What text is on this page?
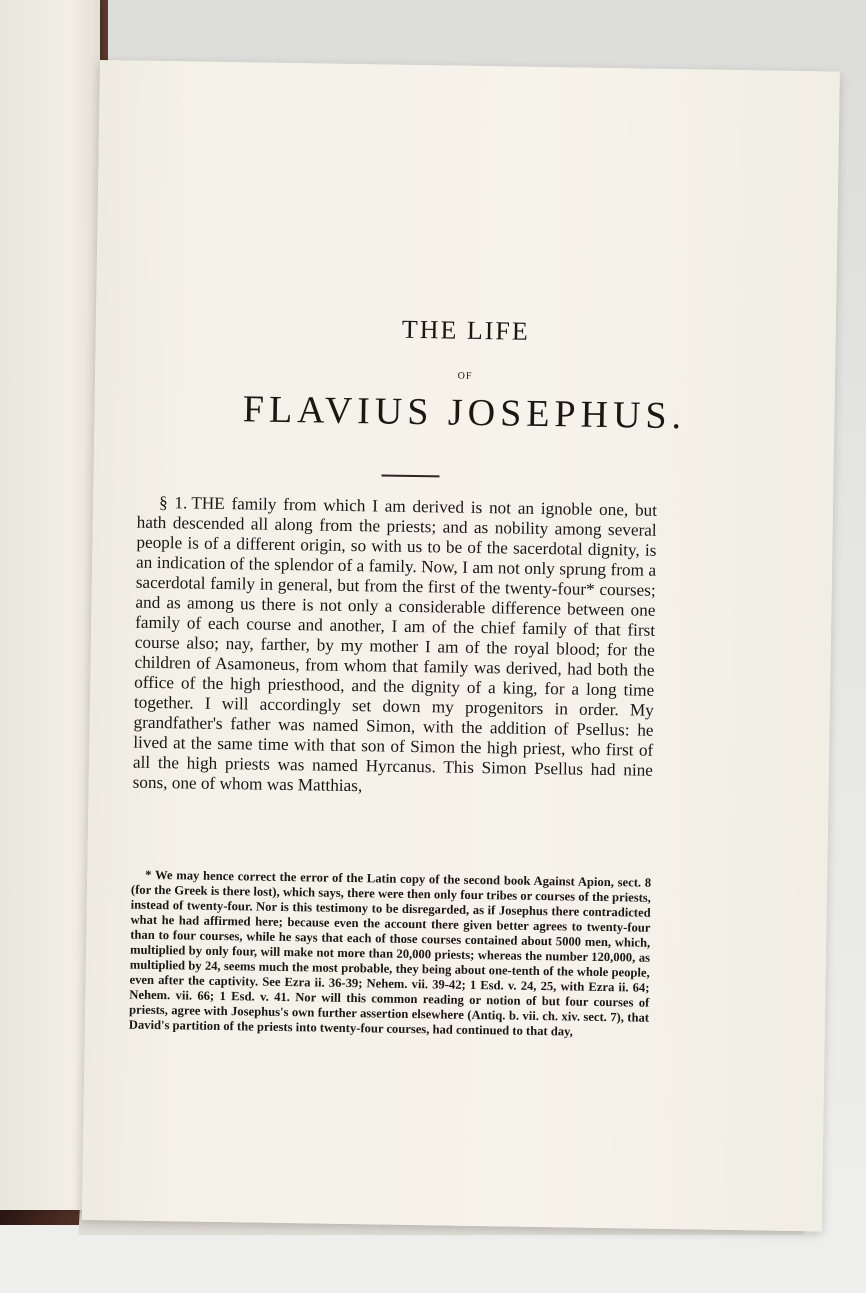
THE LIFE
OF
FLAVIUS JOSEPHUS.

§ 1. THE family from which I am derived is not an ignoble one, but hath descended all along from the priests; and as nobility among several people is of a different origin, so with us to be of the sacerdotal dignity, is an indication of the splendor of a family. Now, I am not only sprung from a sacerdotal family in general, but from the first of the twenty-four* courses; and as among us there is not only a considerable difference between one family of each course and another, I am of the chief family of that first course also; nay, farther, by my mother I am of the royal blood; for the children of Asamoneus, from whom that family was derived, had both the office of the high priesthood, and the dignity of a king, for a long time together. I will accordingly set down my progenitors in order. My grandfather's father was named Simon, with the addition of Psellus: he lived at the same time with that son of Simon the high priest, who first of all the high priests was named Hyrcanus. This Simon Psellus had nine sons, one of whom was Matthias,

* We may hence correct the error of the Latin copy of the second book Against Apion, sect. 8 (for the Greek is there lost), which says, there were then only four tribes or courses of the priests, instead of twenty-four. Nor is this testimony to be disregarded, as if Josephus there contradicted what he had affirmed here; because even the account there given better agrees to twenty-four than to four courses, while he says that each of those courses contained about 5000 men, which, multiplied by only four, will make not more than 20,000 priests; whereas the number 120,000, as multiplied by 24, seems much the most probable, they being about one-tenth of the whole people, even after the captivity. See Ezra ii. 36-39; Nehem. vii. 39-42; 1 Esd. v. 24, 25, with Ezra ii. 64; Nehem. vii. 66; 1 Esd. v. 41. Nor will this common reading or notion of but four courses of priests, agree with Josephus's own further assertion elsewhere (Antiq. b. vii. ch. xiv. sect. 7), that David's partition of the priests into twenty-four courses, had continued to that day,
